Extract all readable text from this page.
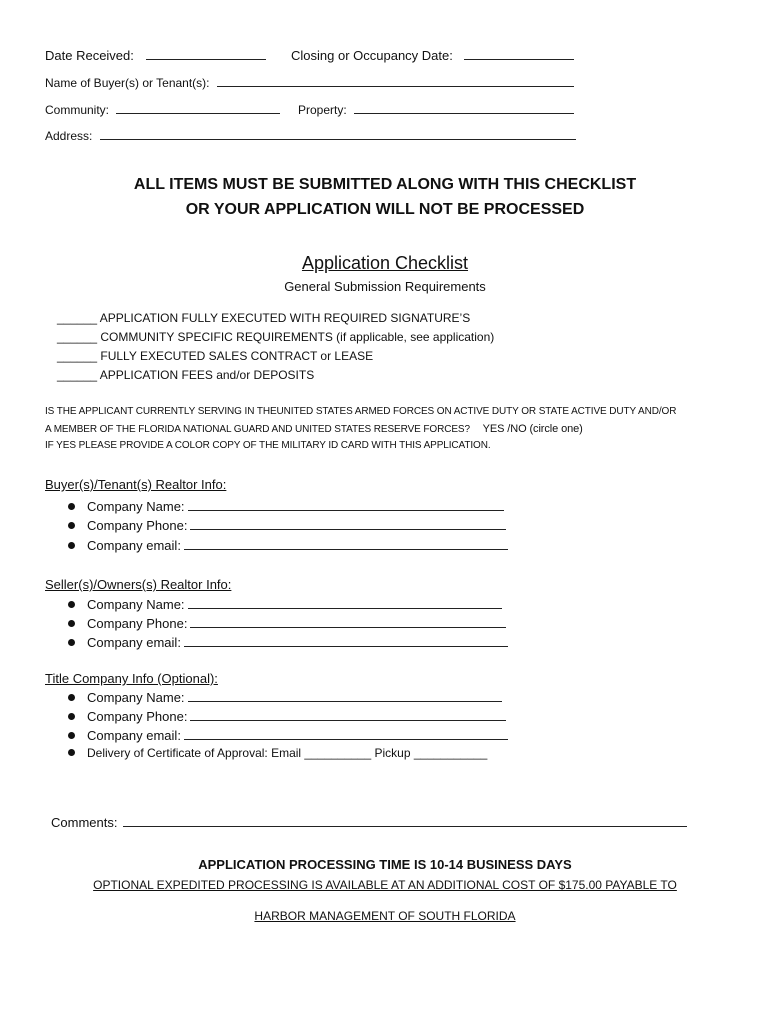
Date Received:	Closing or Occupancy Date:
Name of Buyer(s) or Tenant(s):
Community:	Property:
Address:
ALL ITEMS MUST BE SUBMITTED ALONG WITH THIS CHECKLIST
OR YOUR APPLICATION WILL NOT BE PROCESSED
Application Checklist
General Submission Requirements
______ APPLICATION FULLY EXECUTED WITH REQUIRED SIGNATURE’S
______ COMMUNITY SPECIFIC REQUIREMENTS (if applicable, see application)
______ FULLY EXECUTED SALES CONTRACT or LEASE
______ APPLICATION FEES and/or DEPOSITS
IS THE APPLICANT CURRENTLY SERVING IN THEUNITED STATES ARMED FORCES ON ACTIVE DUTY OR STATE ACTIVE DUTY AND/OR
A MEMBER OF THE FLORIDA NATIONAL GUARD AND UNITED STATES RESERVE FORCES? YES /NO (circle one)
IF YES PLEASE PROVIDE A COLOR COPY OF THE MILITARY ID CARD WITH THIS APPLICATION.
Buyer(s)/Tenant(s) Realtor Info:
Company Name:
Company Phone:
Company email:
Seller(s)/Owners(s) Realtor Info:
Company Name:
Company Phone:
Company email:
Title Company Info (Optional):
Company Name:
Company Phone:
Company email:
Delivery of Certificate of Approval: Email __________ Pickup ___________
Comments:
APPLICATION PROCESSING TIME IS 10-14 BUSINESS DAYS
OPTIONAL EXPEDITED PROCESSING IS AVAILABLE AT AN ADDITIONAL COST OF $175.00 PAYABLE TO
HARBOR MANAGEMENT OF SOUTH FLORIDA
